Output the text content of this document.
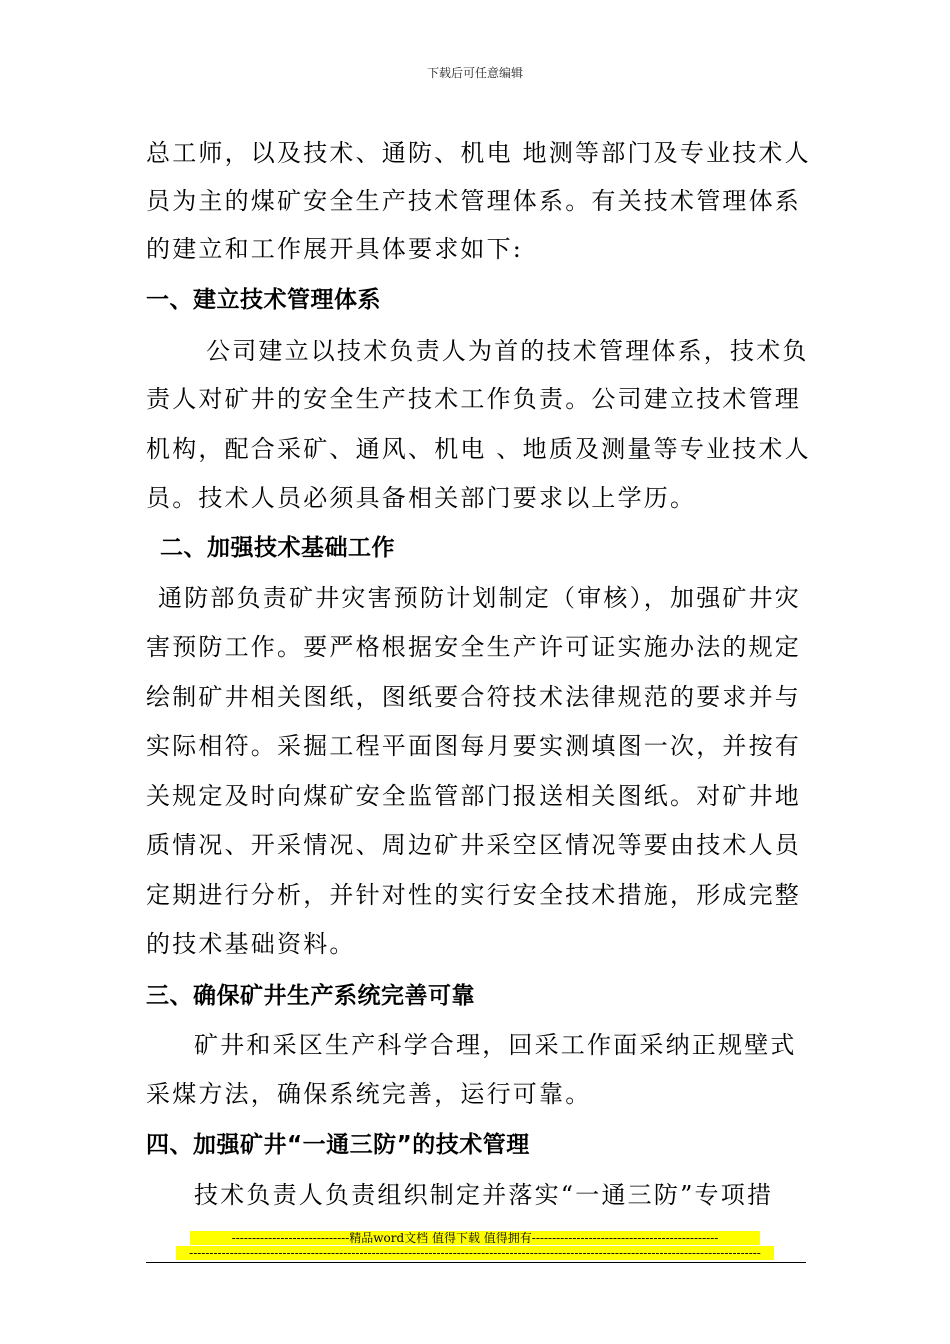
下载后可任意编辑
总工师，以及技术、通防、机电 地测等部门及专业技术人
员为主的煤矿安全生产技术管理体系。有关技术管理体系
的建立和工作展开具体要求如下:
一、建立技术管理体系
公司建立以技术负责人为首的技术管理体系，技术负
责人对矿井的安全生产技术工作负责。公司建立技术管理
机构，配合采矿、通风、机电 、地质及测量等专业技术人
员。技术人员必须具备相关部门要求以上学历。
二、加强技术基础工作
通防部负责矿井灾害预防计划制定（审核），加强矿井灾
害预防工作。要严格根据安全生产许可证实施办法的规定
绘制矿井相关图纸，图纸要合符技术法律规范的要求并与
实际相符。采掘工程平面图每月要实测填图一次，并按有
关规定及时向煤矿安全监管部门报送相关图纸。对矿井地
质情况、开采情况、周边矿井采空区情况等要由技术人员
定期进行分析，并针对性的实行安全技术措施，形成完整
的技术基础资料。
三、确保矿井生产系统完善可靠
矿井和采区生产科学合理，回采工作面采纳正规壁式
采煤方法，确保系统完善，运行可靠。
四、加强矿井“一通三防”的技术管理
技术负责人负责组织制定并落实“一通三防”专项措
-----------------------------精品word文档 值得下载 值得拥有----------------------------------------------
---------------------------------------------------------------------------------------------------------------------------------------------
